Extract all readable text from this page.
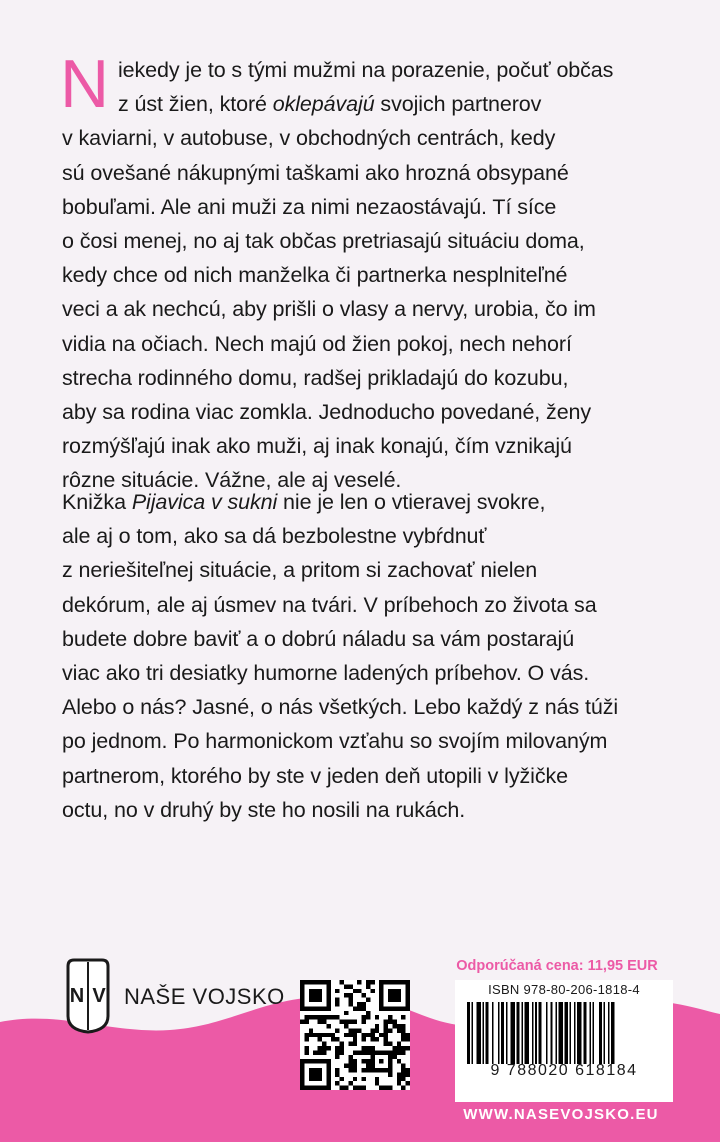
N iekedy je to s tými mužmi na porazenie, počuť občas
z úst žien, ktoré oklepávajú svojich partnerov
v kaviarni, v autobuse, v obchodných centrách, kedy
sú ovešané nákupnými taškami ako hrozná obsypané
bobuľami. Ale ani muži za nimi nezaostávajú. Tí síce
o čosi menej, no aj tak občas pretriasajú situáciu doma,
kedy chce od nich manželka či partnerka nesplniteľné
veci a ak nechcú, aby prišli o vlasy a nervy, urobia, čo im
vidia na očiach. Nech majú od žien pokoj, nech nehorí
strecha rodinného domu, radšej prikladajú do kozubu,
aby sa rodina viac zomkla. Jednoducho povedané, ženy
rozmýšľajú inak ako muži, aj inak konajú, čím vznikajú
rôzne situácie. Vážne, ale aj veselé.
Knižka Pijavica v sukni nie je len o vtieravej svokre,
ale aj o tom, ako sa dá bezbolestne vybŕdnuť
z neriešiteľnej situácie, a pritom si zachovať nielen
dekórum, ale aj úsmev na tvári. V príbehoch zo života sa
budete dobre baviť a o dobrú náladu sa vám postarajú
viac ako tri desiatky humorne ladených príbehov. O vás.
Alebo o nás? Jasné, o nás všetkých. Lebo každý z nás túži
po jednom. Po harmonickom vzťahu so svojím milovaným
partnerom, ktorého by ste v jeden deň utopili v lyžičke
octu, no v druhý by ste ho nosili na rukách.
N V NAŠE VOJSKO
Odporúčaná cena: 11,95 EUR
ISBN 978-80-206-1818-4
9 788020 618184
WWW.NASEVOJSKO.EU
